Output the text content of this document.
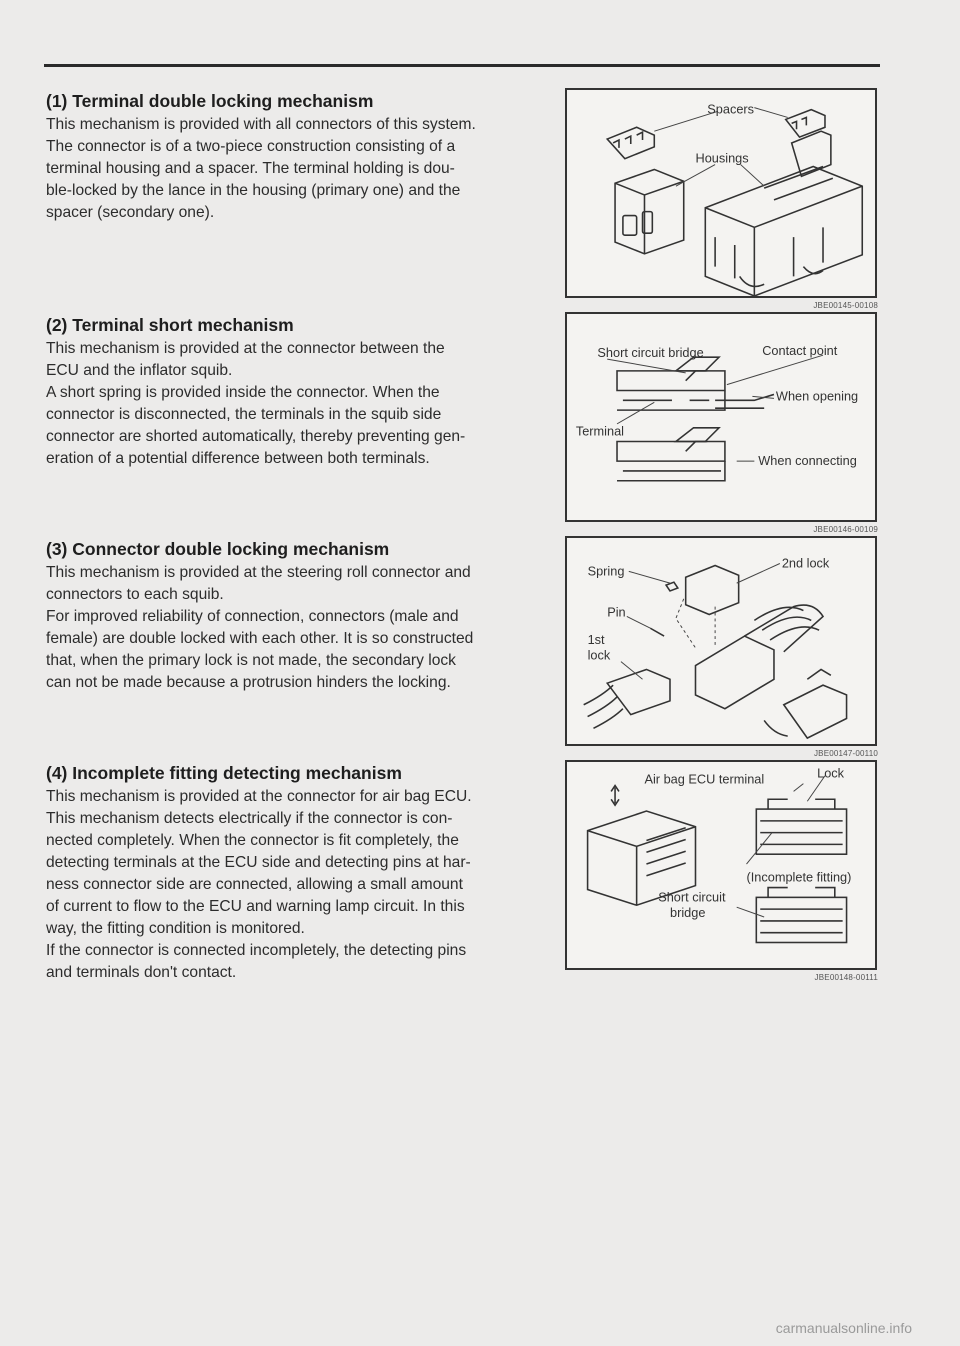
(1) Terminal double locking mechanism

This mechanism is provided with all connectors of this system.
The connector is of a two-piece construction consisting of a
terminal housing and a spacer. The terminal holding is dou-
ble-locked by the lance in the housing (primary one) and the
spacer (secondary one).

(2) Terminal short mechanism

This mechanism is provided at the connector between the
ECU and the inflator squib.
A short spring is provided inside the connector. When the
connector is disconnected, the terminals in the squib side
connector are shorted automatically, thereby preventing gen-
eration of a potential difference between both terminals.

(3) Connector double locking mechanism

This mechanism is provided at the steering roll connector and
connectors to each squib.
For improved reliability of connection, connectors (male and
female) are double locked with each other. It is so constructed
that, when the primary lock is not made, the secondary lock
can not be made because a protrusion hinders the locking.

(4) Incomplete fitting detecting mechanism

This mechanism is provided at the connector for air bag ECU.
This mechanism detects electrically if the connector is con-
nected completely. When the connector is fit completely, the
detecting terminals at the ECU side and detecting pins at har-
ness connector side are connected, allowing a small amount
of current to flow to the ECU and warning lamp circuit. In this
way, the fitting condition is monitored.
If the connector is connected incompletely, the detecting pins
and terminals don't contact.

Spacers
Housings
JBE00145-00108
Short circuit bridge	Contact point
When opening
Terminal
When connecting
JBE00146-00109
Spring
2nd lock
Pin
1st
lock
JBE00147-00110
Air bag ECU terminal	Lock
(Incomplete fitting)
Short circuit
bridge
JBE00148-00111
carmanualsonline.info
